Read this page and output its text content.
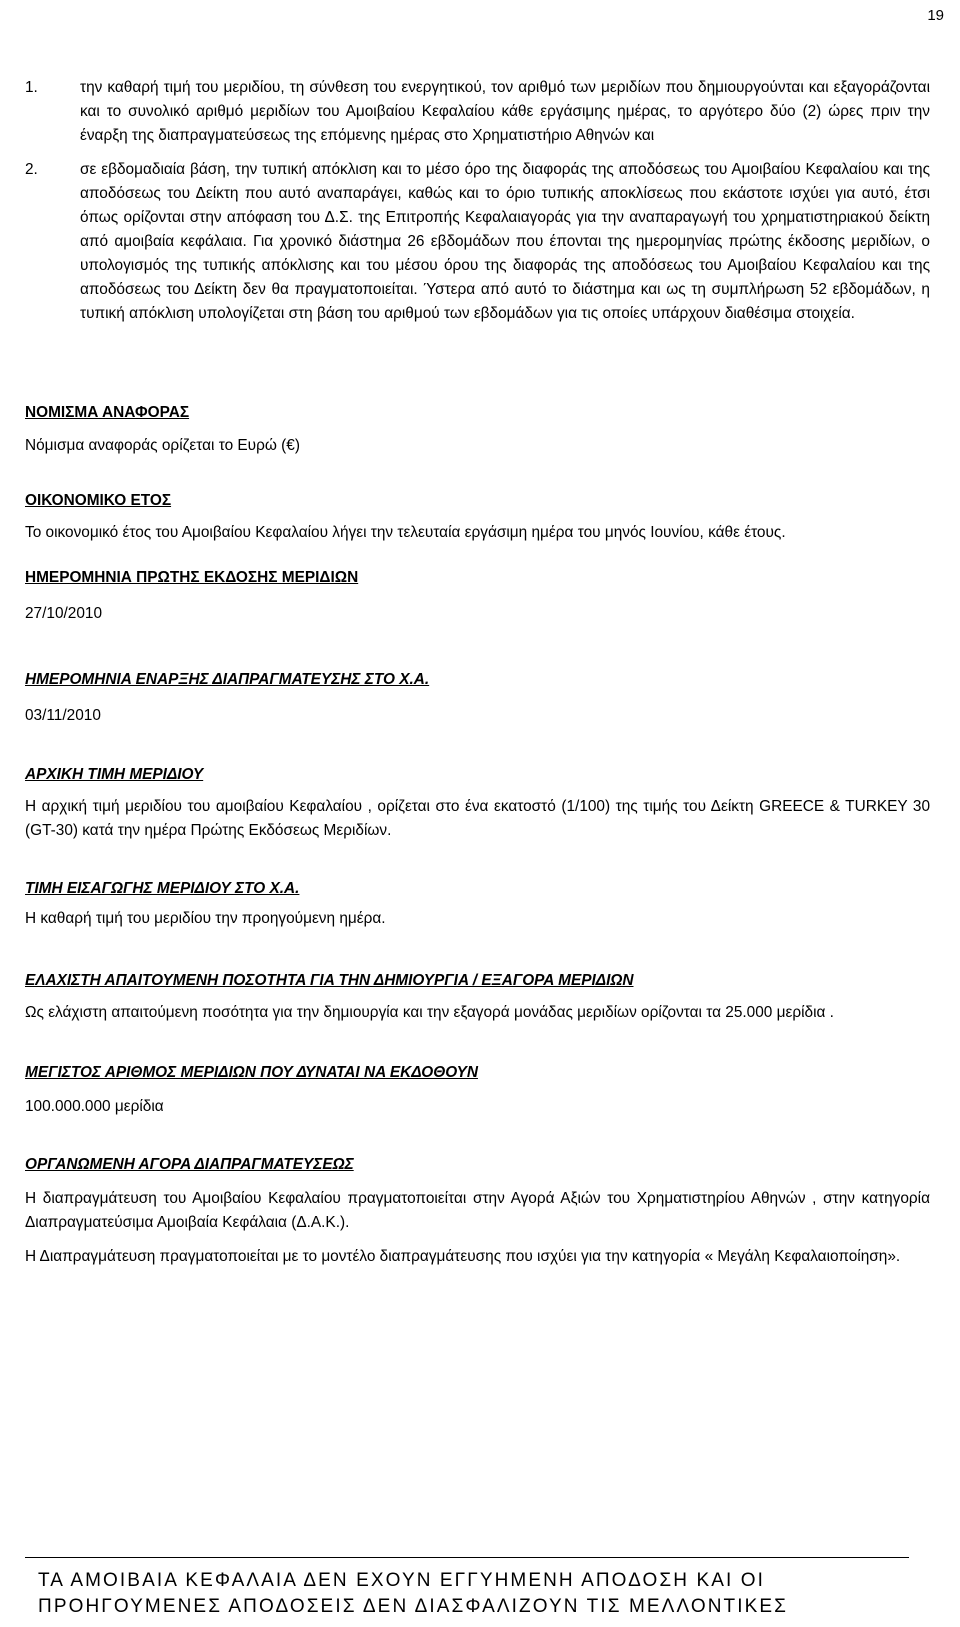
19
1.	την καθαρή τιμή του μεριδίου, τη σύνθεση του ενεργητικού, τον αριθμό των μεριδίων που δημιουργούνται και εξαγοράζονται και το συνολικό αριθμό μεριδίων του Αμοιβαίου Κεφαλαίου κάθε εργάσιμης ημέρας, το αργότερο δύο (2) ώρες πριν την έναρξη της διαπραγματεύσεως της επόμενης ημέρας στο Χρηματιστήριο Αθηνών και
2.	σε εβδομαδιαία βάση, την τυπική απόκλιση και το μέσο όρο της διαφοράς της αποδόσεως του Αμοιβαίου Κεφαλαίου και της αποδόσεως του Δείκτη που αυτό αναπαράγει, καθώς και το όριο τυπικής αποκλίσεως που εκάστοτε ισχύει για αυτό, έτσι όπως ορίζονται στην απόφαση του Δ.Σ. της Επιτροπής Κεφαλαιαγοράς για την αναπαραγωγή του χρηματιστηριακού δείκτη από αμοιβαία κεφάλαια. Για χρονικό διάστημα 26 εβδομάδων που έπονται της ημερομηνίας πρώτης έκδοσης μεριδίων, ο υπολογισμός της τυπικής απόκλισης και του μέσου όρου της διαφοράς της αποδόσεως του Αμοιβαίου Κεφαλαίου και της αποδόσεως του Δείκτη δεν θα πραγματοποιείται. Ύστερα από αυτό το διάστημα και ως τη συμπλήρωση 52 εβδομάδων, η τυπική απόκλιση υπολογίζεται στη βάση του αριθμού των εβδομάδων για τις οποίες υπάρχουν διαθέσιμα στοιχεία.
ΝΟΜΙΣΜΑ ΑΝΑΦΟΡΑΣ
Νόμισμα αναφοράς ορίζεται το Ευρώ (€)
ΟΙΚΟΝΟΜΙΚΟ ΕΤΟΣ
Το οικονομικό έτος του Αμοιβαίου Κεφαλαίου λήγει την τελευταία εργάσιμη ημέρα του μηνός Ιουνίου, κάθε έτους.
ΗΜΕΡΟΜΗΝΙΑ ΠΡΩΤΗΣ ΕΚΔΟΣΗΣ ΜΕΡΙΔΙΩΝ
27/10/2010
ΗΜΕΡΟΜΗΝΙΑ ΕΝΑΡΞΗΣ ΔΙΑΠΡΑΓΜΑΤΕΥΣΗΣ ΣΤΟ Χ.Α.
03/11/2010
ΑΡΧΙΚΗ ΤΙΜΗ ΜΕΡΙΔΙΟΥ
Η αρχική τιμή μεριδίου του αμοιβαίου Κεφαλαίου , ορίζεται στο ένα εκατοστό (1/100) της τιμής του Δείκτη GREECE & TURKEY 30 (GT-30) κατά την ημέρα Πρώτης Εκδόσεως Μεριδίων.
ΤΙΜΗ ΕΙΣΑΓΩΓΗΣ ΜΕΡΙΔΙΟΥ ΣΤΟ Χ.Α.
Η καθαρή τιμή του μεριδίου την προηγούμενη ημέρα.
ΕΛΑΧΙΣΤΗ ΑΠΑΙΤΟΥΜΕΝΗ ΠΟΣΟΤΗΤΑ ΓΙΑ ΤΗΝ ΔΗΜΙΟΥΡΓΙΑ / ΕΞΑΓΟΡΑ ΜΕΡΙΔΙΩΝ
Ως ελάχιστη απαιτούμενη ποσότητα για την δημιουργία και την εξαγορά μονάδας μεριδίων ορίζονται τα 25.000 μερίδια .
ΜΕΓΙΣΤΟΣ ΑΡΙΘΜΟΣ ΜΕΡΙΔΙΩΝ ΠΟΥ ΔΥΝΑΤΑΙ ΝΑ ΕΚΔΟΘΟΥΝ
100.000.000 μερίδια
ΟΡΓΑΝΩΜΕΝΗ ΑΓΟΡΑ ΔΙΑΠΡΑΓΜΑΤΕΥΣΕΩΣ
Η διαπραγμάτευση του Αμοιβαίου Κεφαλαίου πραγματοποιείται στην Αγορά Αξιών του Χρηματιστηρίου Αθηνών , στην κατηγορία Διαπραγματεύσιμα Αμοιβαία Κεφάλαια (Δ.Α.Κ.).
Η Διαπραγμάτευση πραγματοποιείται με το μοντέλο διαπραγμάτευσης που ισχύει για την κατηγορία « Μεγάλη Κεφαλαιοποίηση».
ΤΑ ΑΜΟΙΒΑΙΑ ΚΕΦΑΛΑΙΑ ΔΕΝ ΕΧΟΥΝ ΕΓΓΥΗΜΕΝΗ ΑΠΟΔΟΣΗ ΚΑΙ ΟΙ
ΠΡΟΗΓΟΥΜΕΝΕΣ ΑΠΟΔΟΣΕΙΣ ΔΕΝ ΔΙΑΣΦΑΛΙΖΟΥΝ ΤΙΣ ΜΕΛΛΟΝΤΙΚΕΣ
